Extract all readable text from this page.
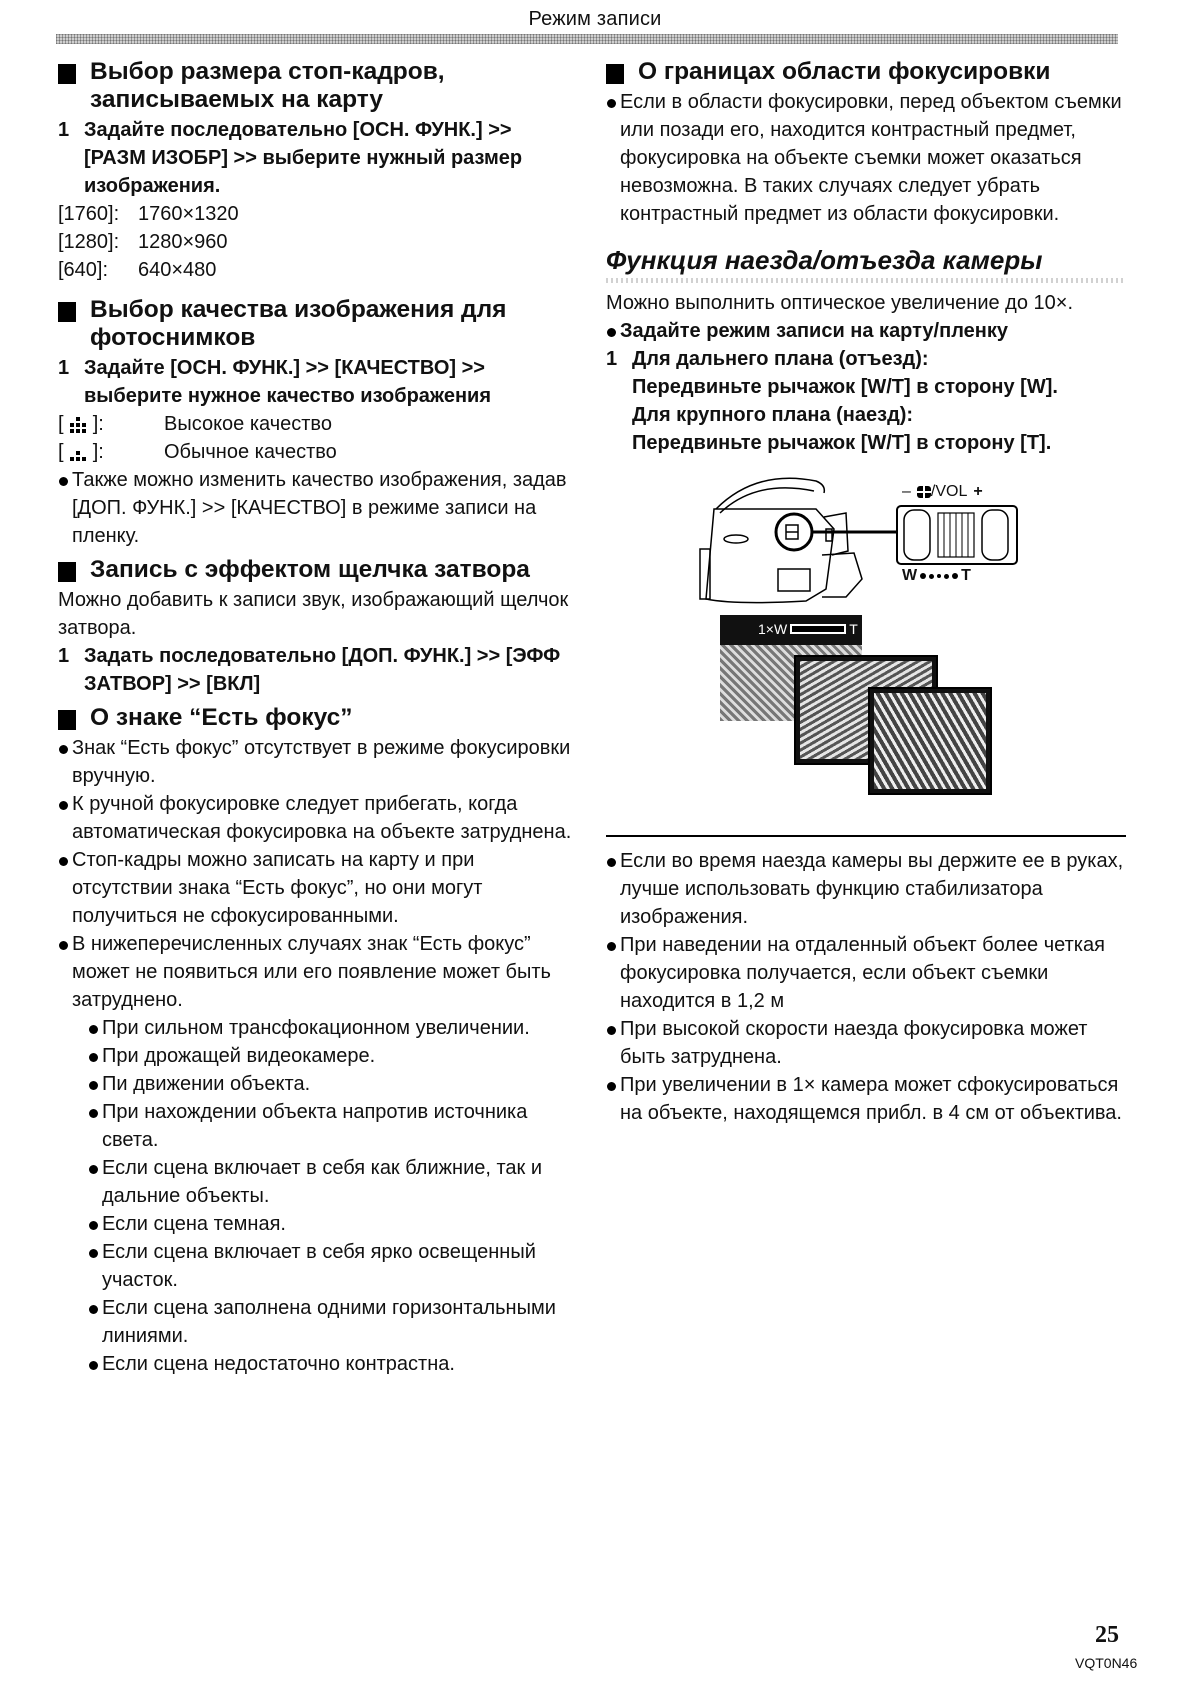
Режим записи
Выбор размера стоп-кадров, записываемых на карту
1 Задайте последовательно [ОСН. ФУНК.] >> [РАЗМ ИЗОБР] >> выберите нужный размер изображения.
[1760]: 1760×1320
[1280]: 1280×960
[640]:	640×480
Выбор качества изображения для фотоснимков
1 Задайте [ОСН. ФУНК.] >> [КАЧЕСТВО] >> выберите нужное качество изображения
[ ]:	Высокое качество
[ ]:	Обычное качество
Также можно изменить качество изображения, задав [ДОП. ФУНК.] >> [КАЧЕСТВО] в режиме записи на пленку.
Запись с эффектом щелчка затвора
Можно добавить к записи звук, изображающий щелчок затвора.
1 Задать последовательно [ДОП. ФУНК.] >> [ЭФФ ЗАТВОР] >> [ВКЛ]
О знаке “Есть фокус”
Знак “Есть фокус” отсутствует в режиме фокусировки вручную.
К ручной фокусировке следует прибегать, когда автоматическая фокусировка на объекте затруднена.
Стоп-кадры можно записать на карту и при отсутствии знака “Есть фокус”, но они могут получиться не сфокусированными.
В нижеперечисленных случаях знак “Есть фокус” может не появиться или его появление может быть затруднено.
При сильном трансфокационном увеличении.
При дрожащей видеокамере.
Пи движении объекта.
При нахождении объекта напротив источника света.
Если сцена включает в себя как ближние, так и дальние объекты.
Если сцена темная.
Если сцена включает в себя ярко освещенный участок.
Если сцена заполнена одними горизонтальными линиями.
Если сцена недостаточно контрастна.
О границах области фокусировки
Если в области фокусировки, перед объектом съемки или позади его, находится контрастный предмет, фокусировка на объекте съемки может оказаться невозможна. В таких случаях следует убрать контрастный предмет из области фокусировки.
Функция наезда/отъезда камеры
Можно выполнить оптическое увеличение до 10×.
Задайте режим записи на карту/пленку
1 Для дальнего плана (отъезд):
Передвиньте рычажок [W/T] в сторону [W].
Для крупного плана (наезд):
Передвиньте рычажок [W/T] в сторону [T].
– /VOL +
W	T
1×W	T
Если во время наезда камеры вы держите ее в руках, лучше использовать функцию стабилизатора изображения.
При наведении на отдаленный объект более четкая фокусировка получается, если объект съемки находится в 1,2 м
При высокой скорости наезда фокусировка может быть затруднена.
При увеличении в 1× камера может сфокусироваться на объекте, находящемся прибл. в 4 см от объектива.
25
VQT0N46
